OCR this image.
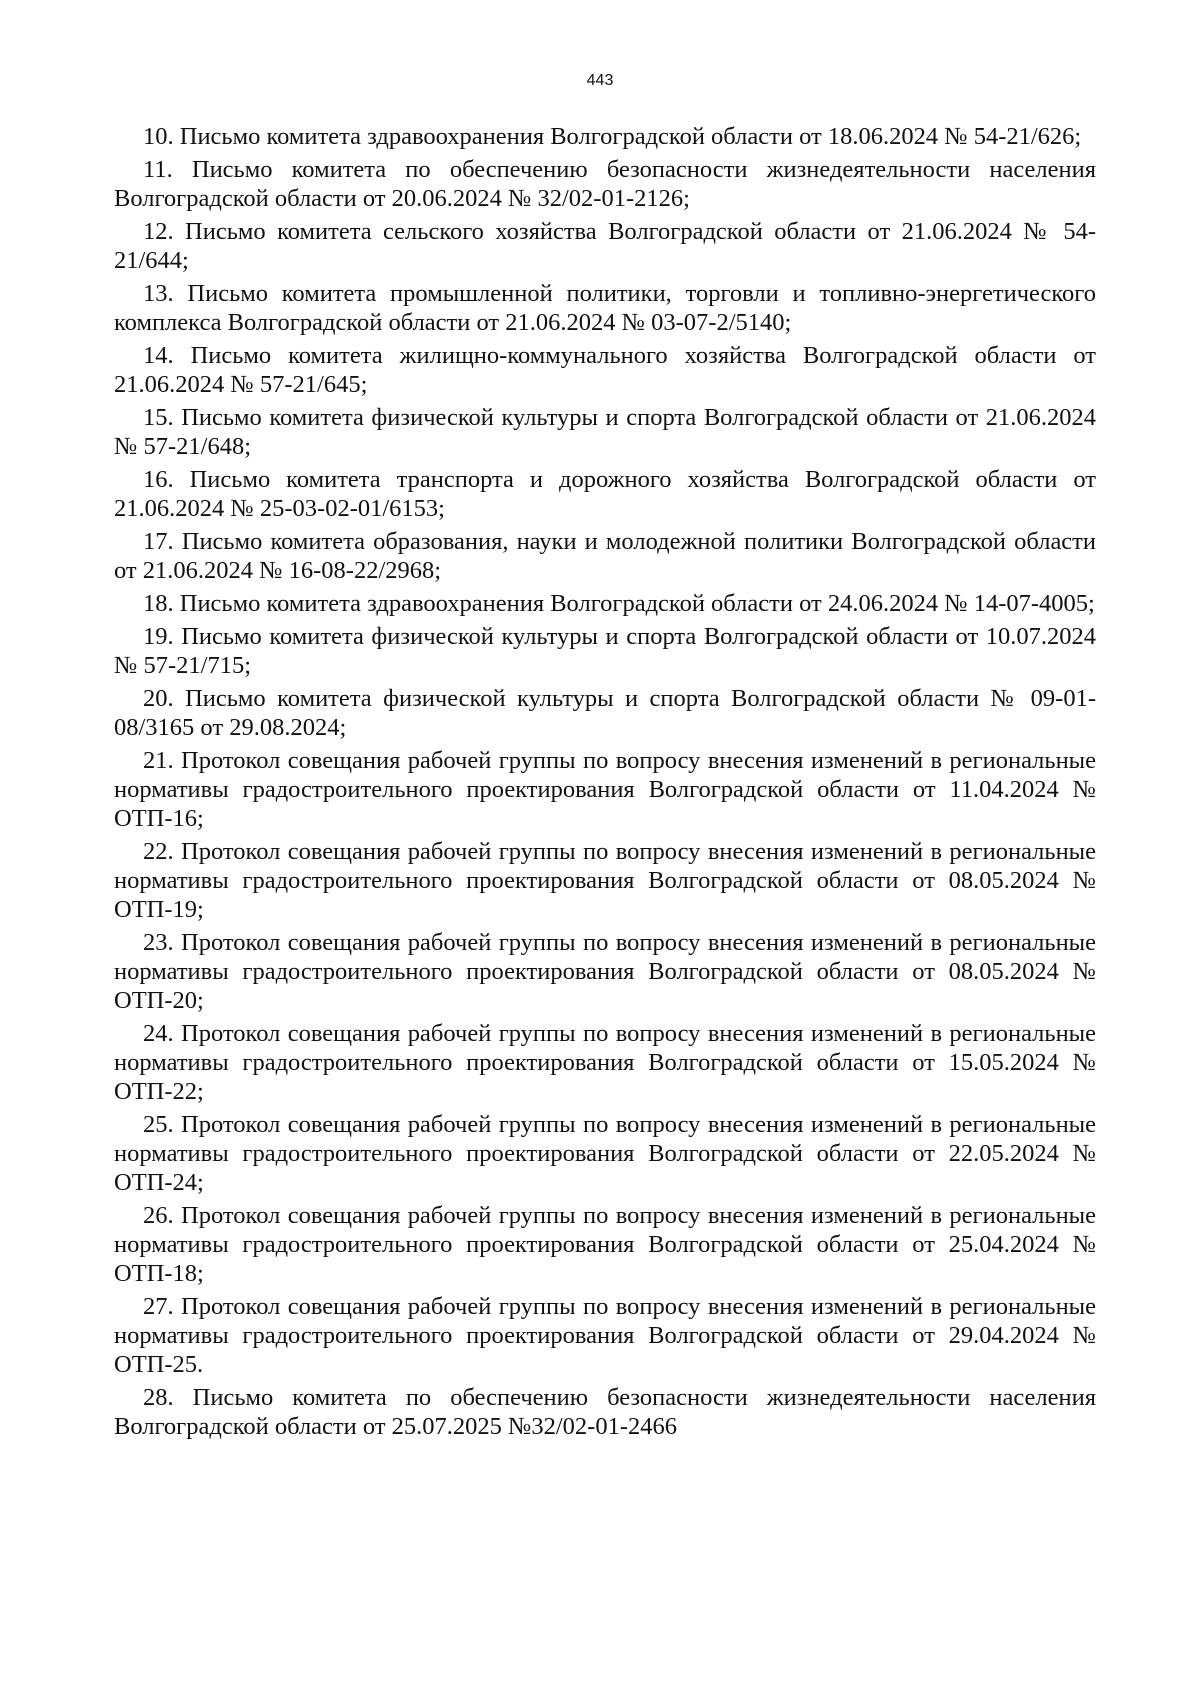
443

10. Письмо комитета здравоохранения Волгоградской области от 18.06.2024 № 54-21/626;

11. Письмо комитета по обеспечению безопасности жизнедеятельности населения Волгоградской области от 20.06.2024 № 32/02-01-2126;

12. Письмо комитета сельского хозяйства Волгоградской области от 21.06.2024 № 54-21/644;

13. Письмо комитета промышленной политики, торговли и топливно-энергетического комплекса Волгоградской области от 21.06.2024 № 03-07-2/5140;

14. Письмо комитета жилищно-коммунального хозяйства Волгоградской области от 21.06.2024 № 57-21/645;

15. Письмо комитета физической культуры и спорта Волгоградской области от 21.06.2024 № 57-21/648;

16. Письмо комитета транспорта и дорожного хозяйства Волгоградской области от 21.06.2024 № 25-03-02-01/6153;

17. Письмо комитета образования, науки и молодежной политики Волгоградской области от 21.06.2024 № 16-08-22/2968;

18. Письмо комитета здравоохранения Волгоградской области от 24.06.2024 № 14-07-4005;

19. Письмо комитета физической культуры и спорта Волгоградской области от 10.07.2024 № 57-21/715;

20. Письмо комитета физической культуры и спорта Волгоградской области № 09-01-08/3165 от 29.08.2024;

21. Протокол совещания рабочей группы по вопросу внесения изменений в региональные нормативы градостроительного проектирования Волгоградской области от 11.04.2024 № ОТП-16;

22. Протокол совещания рабочей группы по вопросу внесения изменений в региональные нормативы градостроительного проектирования Волгоградской области от 08.05.2024 № ОТП-19;

23. Протокол совещания рабочей группы по вопросу внесения изменений в региональные нормативы градостроительного проектирования Волгоградской области от 08.05.2024 № ОТП-20;

24. Протокол совещания рабочей группы по вопросу внесения изменений в региональные нормативы градостроительного проектирования Волгоградской области от 15.05.2024 № ОТП-22;

25. Протокол совещания рабочей группы по вопросу внесения изменений в региональные нормативы градостроительного проектирования Волгоградской области от 22.05.2024 № ОТП-24;

26. Протокол совещания рабочей группы по вопросу внесения изменений в региональные нормативы градостроительного проектирования Волгоградской области от 25.04.2024 № ОТП-18;

27. Протокол совещания рабочей группы по вопросу внесения изменений в региональные нормативы градостроительного проектирования Волгоградской области от 29.04.2024 № ОТП-25.

28. Письмо комитета по обеспечению безопасности жизнедеятельности населения Волгоградской области от 25.07.2025 №32/02-01-2466
